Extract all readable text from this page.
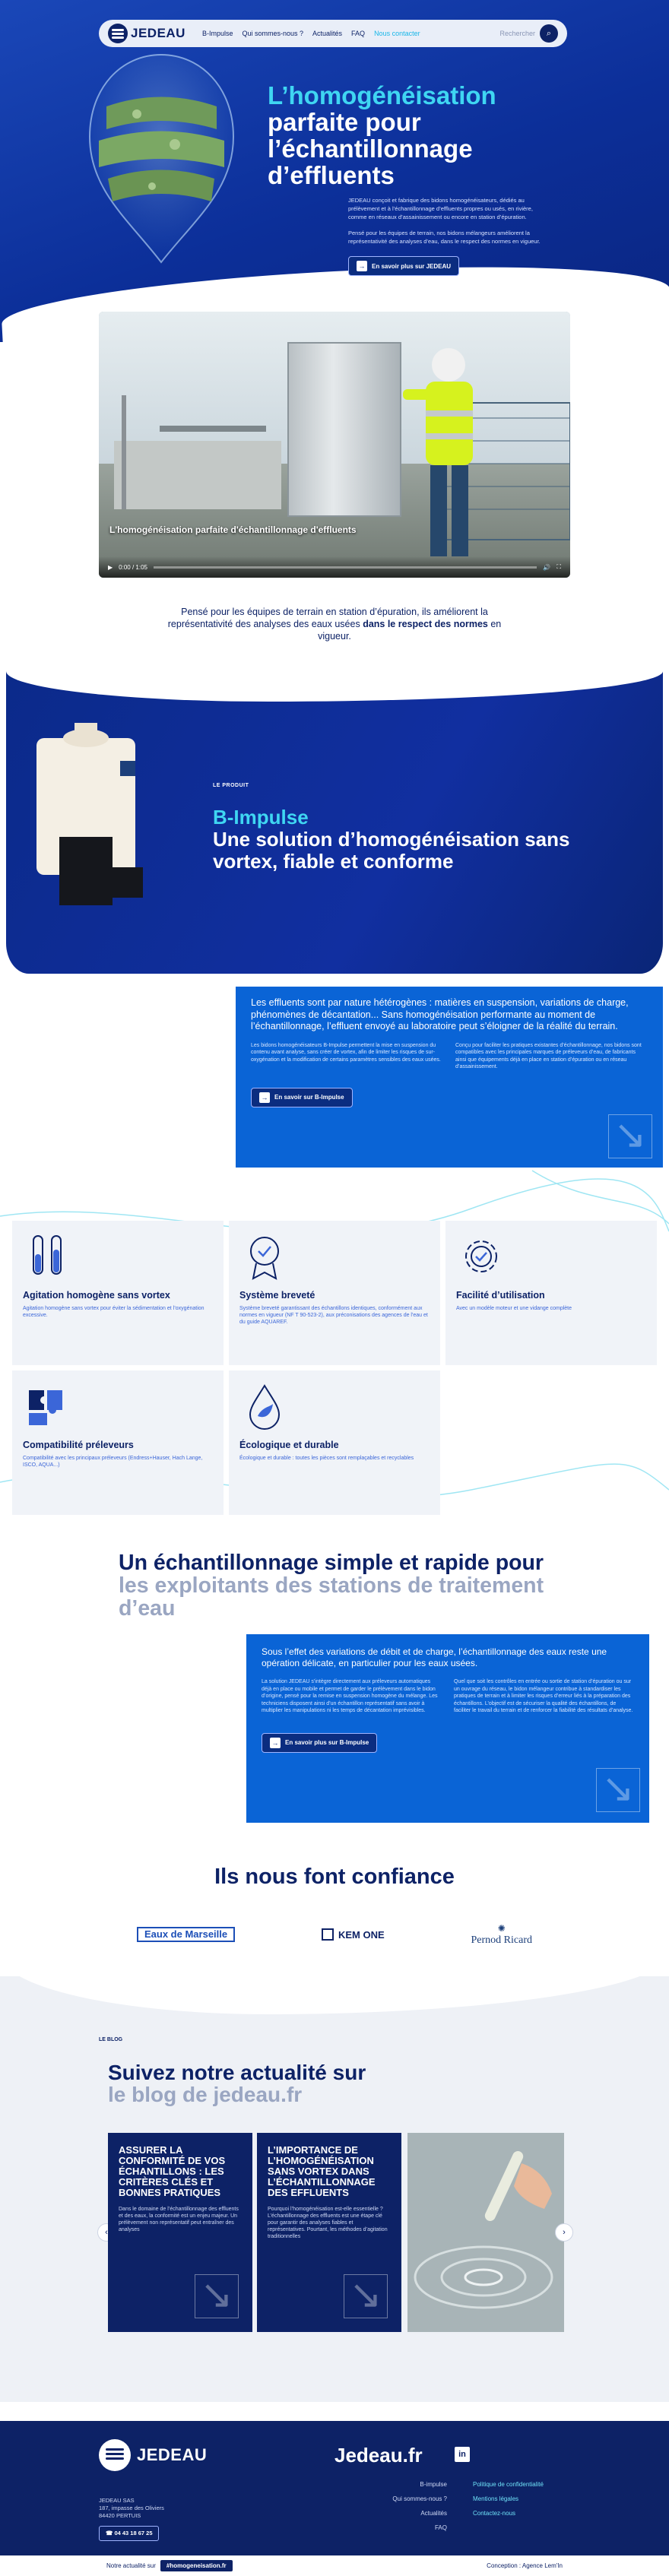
JEDEAU B-Impulse Qui sommes-nous ? Actualités FAQ Nous contacter	Rechercher	⌕
L’homogénéisation
parfaite pour l’échantillonnage d’effluents

JEDEAU conçoit et fabrique des bidons homogénéisateurs, dédiés au prélèvement et à l’échantillonnage d’effluents propres ou usés, en rivière, comme en réseaux d’assainissement ou encore en station d’épuration.

Pensé pour les équipes de terrain, nos bidons mélangeurs améliorent la représentativité des analyses d’eau, dans le respect des normes en vigueur.

→	En savoir plus sur JEDEAU
L'homogénéisation parfaite d'échantillonnage d'effluents
▶ 0:00 / 1:05	🔊 ⛶

Pensé pour les équipes de terrain en station d’épuration, ils améliorent la représentativité des analyses des eaux usées dans le respect des normes en vigueur.

LE PRODUIT
B-Impulse
Une solution d’homogénéisation sans vortex, fiable et conforme
Les effluents sont par nature hétérogènes : matières en suspension, variations de charge, phénomènes de décantation... Sans homogénéisation performante au moment de l’échantillonnage, l’effluent envoyé au laboratoire peut s’éloigner de la réalité du terrain.

Les bidons homogénéisateurs B-Impulse permettent la mise en suspension du contenu avant analyse, sans créer de vortex, afin de limiter les risques de sur-oxygénation et la modification de certains paramètres sensibles des eaux usées.

Conçu pour faciliter les pratiques existantes d’échantillonnage, nos bidons sont compatibles avec les principales marques de préleveurs d’eau, de fabricants ainsi que équipements déjà en place en station d’épuration ou en réseau d’assainissement.

→	En savoir sur B-Impulse
↘
Agitation homogène sans vortex

Agitation homogène sans vortex pour éviter la sédimentation et l’oxygénation excessive.

Système breveté

Système breveté garantissant des échantillons identiques, conformément aux normes en vigueur (NF T 90-523-2), aux préconisations des agences de l'eau et du guide AQUAREF.

Facilité d’utilisation

Avec un modèle moteur et une vidange complète

Compatibilité préleveurs

Compatibilité avec les principaux préleveurs (Endress+Hauser, Hach Lange, ISCO, AQUA...)

Écologique et durable

Écologique et durable : toutes les pièces sont remplaçables et recyclables

Un échantillonnage simple et rapide pour les exploitants des stations de traitement d’eau
Sous l’effet des variations de débit et de charge, l’échantillonnage des eaux reste une opération délicate, en particulier pour les eaux usées.

La solution JEDEAU s’intègre directement aux préleveurs automatiques déjà en place ou mobile et permet de garder le prélèvement dans le bidon d’origine, pensé pour la remise en suspension homogène du mélange. Les techniciens disposent ainsi d’un échantillon représentatif sans avoir à multiplier les manipulations ni les temps de décantation imprévisibles.

Quel que soit les contrôles en entrée ou sortie de station d’épuration ou sur un ouvrage du réseau, le bidon mélangeur contribue à standardiser les pratiques de terrain et à limiter les risques d’erreur liés à la préparation des échantillons. L’objectif est de sécuriser la qualité des échantillons, de faciliter le travail du terrain et de renforcer la fiabilité des résultats d’analyse.

→	En savoir plus sur B-Impulse
↘
Ils nous font confiance
Eaux de Marseille	KEM ONE
✺
Pernod Ricard
LE BLOG
Suivez notre actualité sur
le blog de jedeau.fr
‹
ASSURER LA CONFORMITÉ DE VOS ÉCHANTILLONS : LES CRITÈRES CLÉS ET BONNES PRATIQUES

Dans le domaine de l’échantillonnage des effluents et des eaux, la conformité est un enjeu majeur. Un prélèvement non représentatif peut entraîner des analyses

↘
L’IMPORTANCE DE L’HOMOGÉNÉISATION SANS VORTEX DANS L’ÉCHANTILLONNAGE DES EFFLUENTS

Pourquoi l’homogénéisation est-elle essentielle ? L’échantillonnage des effluents est une étape clé pour garantir des analyses fiables et représentatives. Pourtant, les méthodes d’agitation traditionnelles

↘	›
JEDEAU
JEDEAU SAS
187, impasse des Oliviers
84420 PERTUIS
☎ 04 43 18 67 25
Jedeau.fr	in
B-impulse
Qui sommes-nous ?
Actualités
FAQ
Politique de confidentialité
Mentions légales
Contactez-nous
Notre actualité sur	#homogeneisation.fr	Conception : Agence Lem'In
